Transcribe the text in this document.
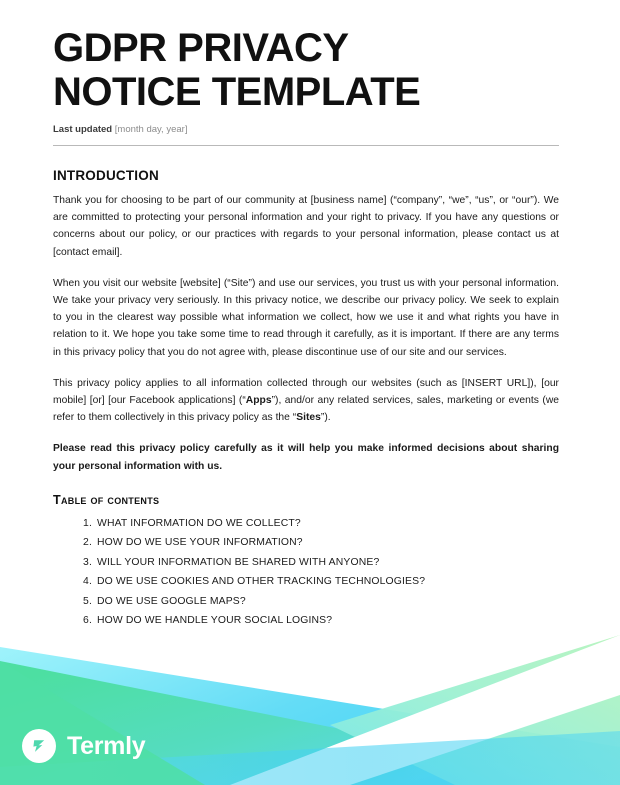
GDPR PRIVACY
NOTICE TEMPLATE
Last updated [month day, year]
INTRODUCTION

Thank you for choosing to be part of our community at [business name] (“company”, “we”, “us”, or “our”). We are committed to protecting your personal information and your right to privacy. If you have any questions or concerns about our policy, or our practices with regards to your personal information, please contact us at [contact email].

When you visit our website [website] (“Site”) and use our services, you trust us with your personal information. We take your privacy very seriously. In this privacy notice, we describe our privacy policy. We seek to explain to you in the clearest way possible what information we collect, how we use it and what rights you have in relation to it. We hope you take some time to read through it carefully, as it is important. If there are any terms in this privacy policy that you do not agree with, please discontinue use of our site and our services.

This privacy policy applies to all information collected through our websites (such as [INSERT URL]), [our mobile] [or] [our Facebook applications] (“Apps”), and/or any related services, sales, marketing or events (we refer to them collectively in this privacy policy as the “Sites”).

Please read this privacy policy carefully as it will help you make informed decisions about sharing your personal information with us.

Table of contents
1. WHAT INFORMATION DO WE COLLECT?
2. HOW DO WE USE YOUR INFORMATION?
3. WILL YOUR INFORMATION BE SHARED WITH ANYONE?
4. DO WE USE COOKIES AND OTHER TRACKING TECHNOLOGIES?
5. DO WE USE GOOGLE MAPS?
6. HOW DO WE HANDLE YOUR SOCIAL LOGINS?
Termly
